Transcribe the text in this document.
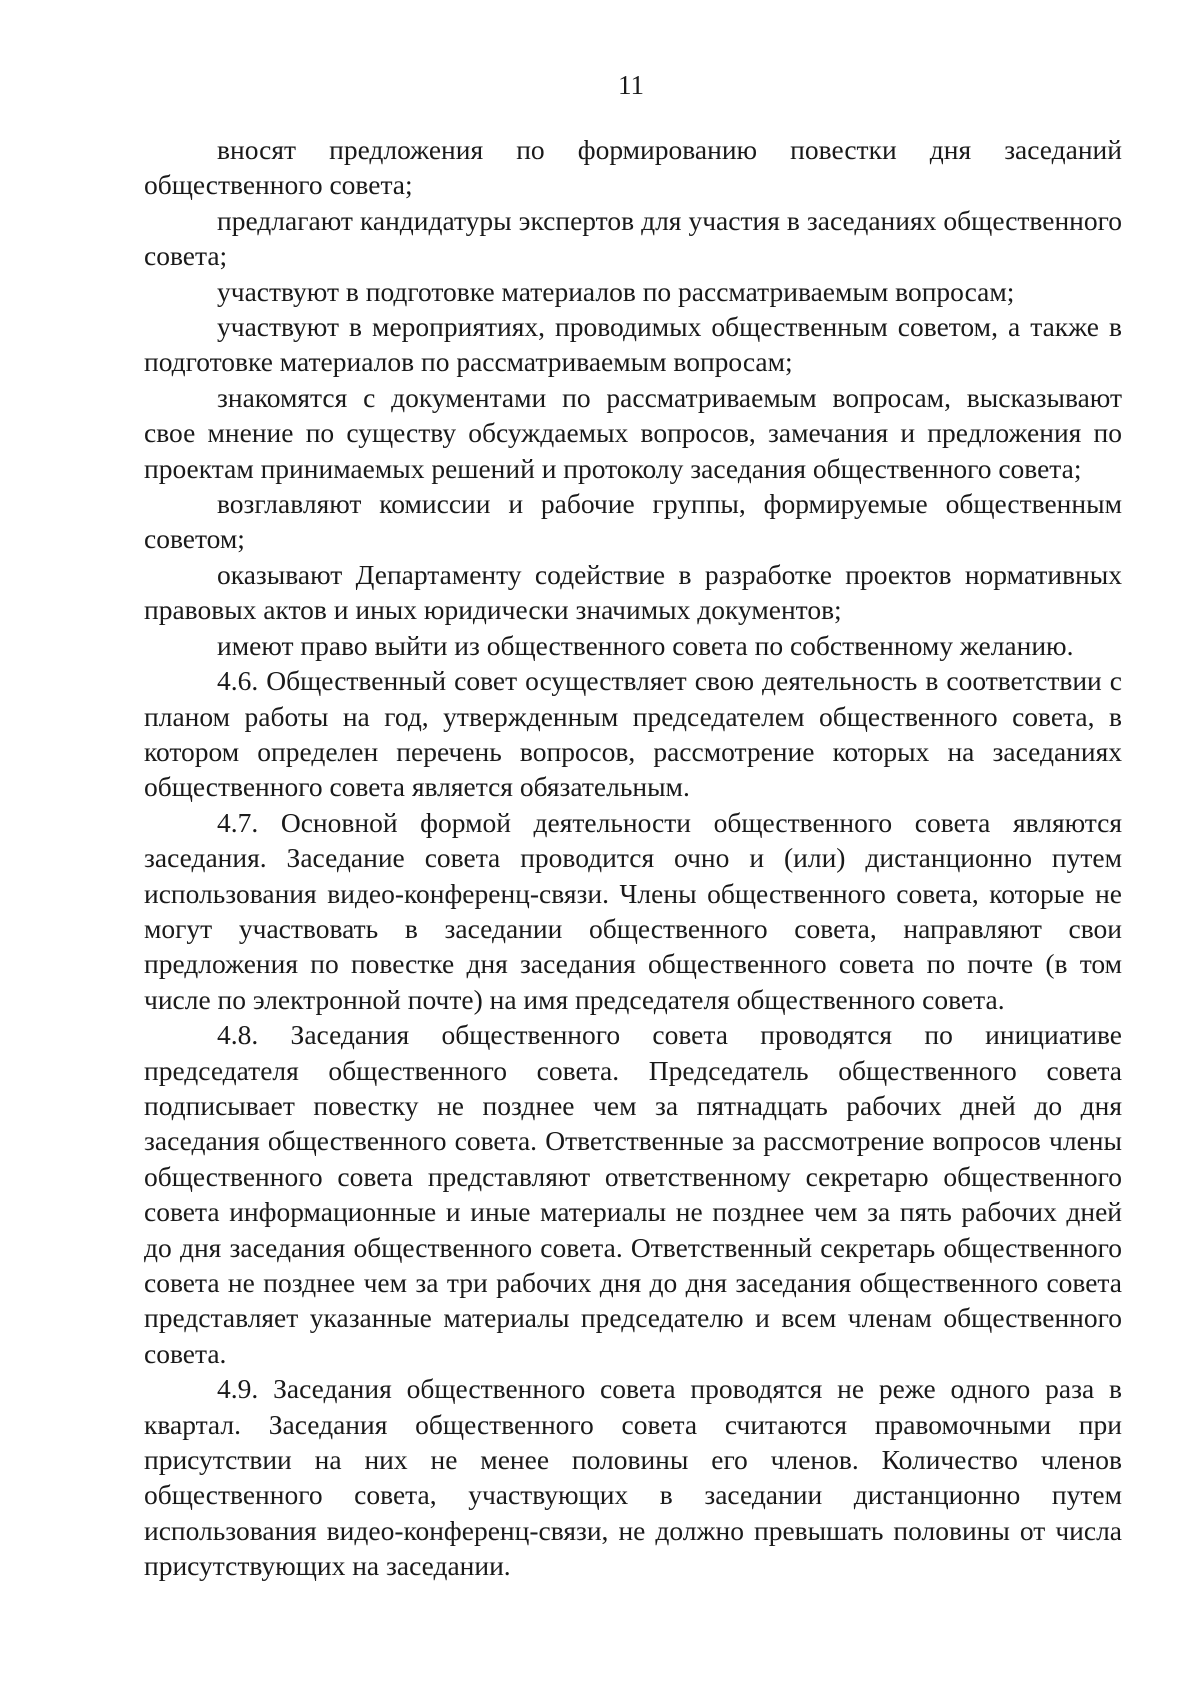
11

вносят предложения по формированию повестки дня заседаний общественного совета;

предлагают кандидатуры экспертов для участия в заседаниях общественного совета;

участвуют в подготовке материалов по рассматриваемым вопросам;

участвуют в мероприятиях, проводимых общественным советом, а также в подготовке материалов по рассматриваемым вопросам;

знакомятся с документами по рассматриваемым вопросам, высказывают свое мнение по существу обсуждаемых вопросов, замечания и предложения по проектам принимаемых решений и протоколу заседания общественного совета;

возглавляют комиссии и рабочие группы, формируемые общественным советом;

оказывают Департаменту содействие в разработке проектов нормативных правовых актов и иных юридически значимых документов;

имеют право выйти из общественного совета по собственному желанию.

4.6. Общественный совет осуществляет свою деятельность в соответствии с планом работы на год, утвержденным председателем общественного совета, в котором определен перечень вопросов, рассмотрение которых на заседаниях общественного совета является обязательным.

4.7. Основной формой деятельности общественного совета являются заседания. Заседание совета проводится очно и (или) дистанционно путем использования видео-конференц-связи. Члены общественного совета, которые не могут участвовать в заседании общественного совета, направляют свои предложения по повестке дня заседания общественного совета по почте (в том числе по электронной почте) на имя председателя общественного совета.

4.8. Заседания общественного совета проводятся по инициативе председателя общественного совета. Председатель общественного совета подписывает повестку не позднее чем за пятнадцать рабочих дней до дня заседания общественного совета. Ответственные за рассмотрение вопросов члены общественного совета представляют ответственному секретарю общественного совета информационные и иные материалы не позднее чем за пять рабочих дней до дня заседания общественного совета. Ответственный секретарь общественного совета не позднее чем за три рабочих дня до дня заседания общественного совета представляет указанные материалы председателю и всем членам общественного совета.

4.9. Заседания общественного совета проводятся не реже одного раза в квартал. Заседания общественного совета считаются правомочными при присутствии на них не менее половины его членов. Количество членов общественного совета, участвующих в заседании дистанционно путем использования видео-конференц-связи, не должно превышать половины от числа присутствующих на заседании.
